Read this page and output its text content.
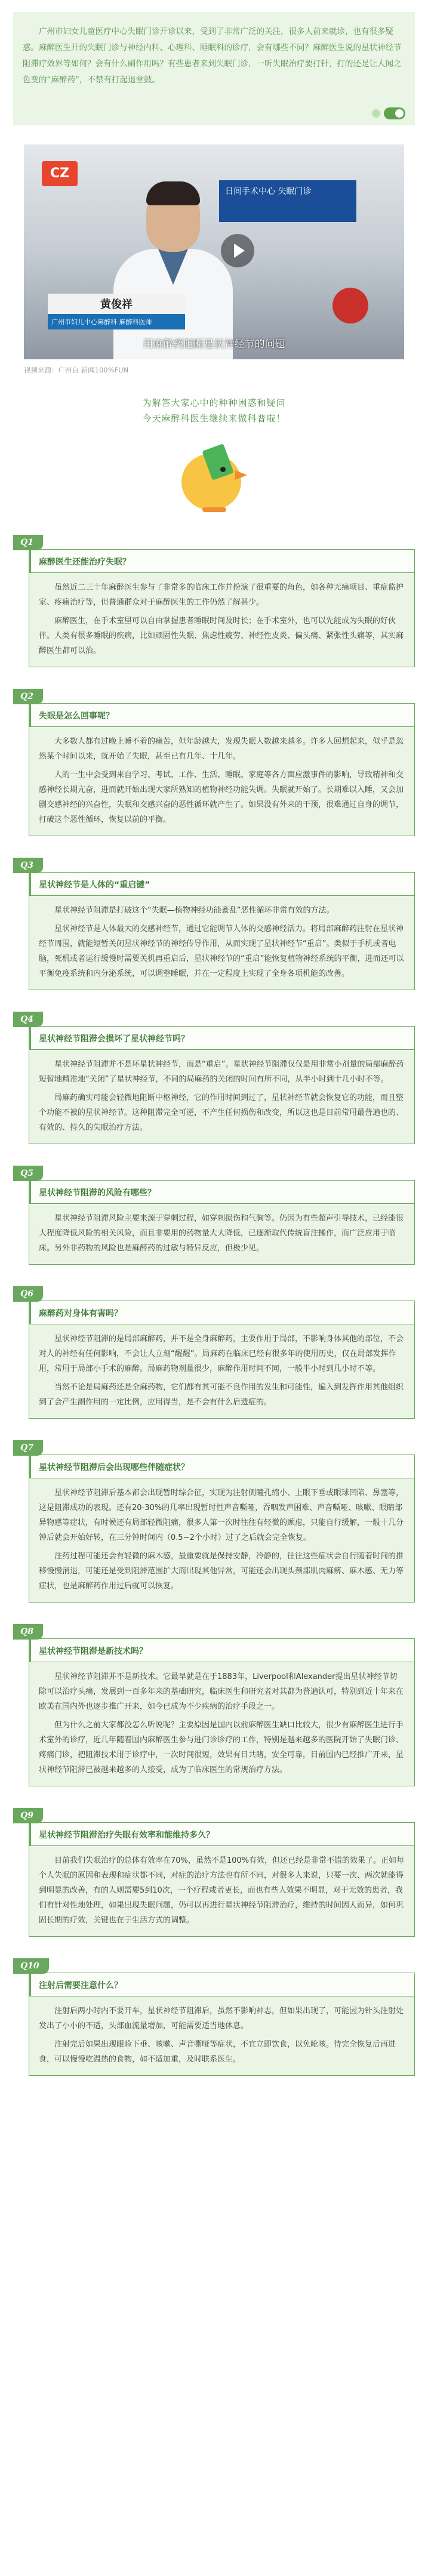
广州市妇女儿童医疗中心失眠门诊开诊以来，受到了非常广泛的关注，很多人前来就诊，也有很多疑惑。麻醉医生开的失眠门诊与神经内科、心理科、睡眠科的诊疗，会有哪些不同？麻醉医生说的星状神经节阻滞疗效界等如何？会有什么副作用吗？有些患者来到失眠门诊，一听失眠治疗要打针，打的还是让人闻之色变的“麻醉药”，不禁有打起退堂鼓。

日间手术中心 失眠门诊
CZ
黄俊祥
广州市妇儿中心麻醉科 麻醉科医师
用麻醉药阻断星状神经节的问题
视频来源：广州台 新闻100%FUN
为解答大家心中的种种困惑和疑问
今天麻醉科医生继续来做科普啦！
Q1
麻醉医生还能治疗失眠？

虽然近二三十年麻醉医生参与了非常多的临床工作并扮演了很重要的角色，如各种无痛项目、重症监护室、疼痛治疗等，但普通群众对于麻醉医生的工作仍然了解甚少。

麻醉医生，在手术室里可以自由掌握患者睡眠时间及时长；在手术室外，也可以先能成为失眠的好伙伴。人类有很多睡眠的疾病，比如顽固性失眠、焦虑性疲劳、神经性皮炎、偏头痛、紧张性头痛等，其实麻醉医生都可以治。

Q2
失眠是怎么回事呢？

大多数人都有过晚上睡不着的痛苦，但年龄越大，发现失眠人数越来越多。许多人回想起来，似乎是忽然某个时间以来，就开始了失眠，甚至已有几年、十几年。

人的一生中会受到来自学习、考试、工作、生活、睡眠、家庭等各方面应激事件的影响，导致精神和交感神经长期亢奋，进而就开始出现大家所熟知的植物神经功能失调。失眠就开始了。长期难以入睡，又会加剧交感神经的兴奋性，失眠和交感兴奋的恶性循环就产生了。如果没有外来的干预，很难通过自身的调节，打破这个恶性循环，恢复以前的平衡。

Q3
星状神经节是人体的“重启键”

星状神经节阻滞是打破这个“失眠—植物神经功能紊乱”恶性循环非常有效的方法。

星状神经节是人体最大的交感神经节，通过它能调节人体的交感神经活力。将局部麻醉药注射在星状神经节周围，就能短暂关闭星状神经节的神经传导作用，从而实现了星状神经节“重启”。类似于手机或者电脑，死机或者运行缓慢时需要关机再重启后，星状神经节的“重启”能恢复植物神经系统的平衡，进而还可以平衡免疫系统和内分泌系统，可以调整睡眠，并在一定程度上实现了全身各项机能的改善。

Q4
星状神经节阻滞会损坏了星状神经节吗？

星状神经节阻滞并不是坏星状神经节，而是“重启”。星状神经节阻滞仅仅是用非常小剂量的局部麻醉药短暂地精准地“关闭”了星状神经节，不同的局麻药的关闭的时间有所不同，从半小时到十几小时不等。

局麻药确实可能会轻微地阻断中枢神经，它的作用时间到过了，星状神经节就会恢复它的功能，而且整个功能不被的星状神经节。这种阻滞完全可逆，不产生任何损伤和改变，所以这也是目前常用最普遍也的、有效的、持久的失眠治疗方法。

Q5
星状神经节阻滞的风险有哪些？

星状神经节阻滞风险主要来源于穿刺过程，如穿刺损伤和气胸等。仍因为有些超声引导技术，已经能很大程度降低风险的相关风险，而且非要用的药物量大大降低，已逐渐取代传统盲注操作，而广泛应用于临床。另外非药物的风险也是麻醉药的过敏与特异反应，但极少见。

Q6
麻醉药对身体有害吗？

星状神经节阻滞的是局部麻醉药，并不是全身麻醉药，主要作用于局部，不影响身体其他的部位，不会对人的神经有任何影响，不会让人立刻“醒醒”。局麻药在临床已经有很多年的使用历史，仅在局部发挥作用，常用于局部小手术的麻醉。局麻药物剂量很少，麻醉作用时间不同，一般半小时到几小时不等。

当然不论是局麻药还是全麻药物，它们都有其可能不良作用的发生和可能性，遍入到发挥作用其他组织到了会产生副作用的一定比例，应用得当，是不会有什么后遗症的。

Q7
星状神经节阻滞后会出现哪些伴随症状？

星状神经节阻滞后基本都会出现暂时综合征，实现为注射侧瞳孔缩小、上眼下垂或眼球凹陷、鼻塞等，这是阻滞成功的表现。还有20-30%的几率出现暂时性声音嘶哑，吞咽发声困难、声音嘶哑、咳嗽、眼睛部异物感等症状，有时候还有局部轻微阻痛，很多人第一次时往往有轻微的顾虑，只能自行缓解，一般十几分钟后就会开始好转，在三分钟时间内（0.5~2个小时）过了之后就会完全恢复。

注药过程可能还会有轻微的麻木感，最重要就是保持安静，冷静的，往往这些症状会自行随着时间的推移慢慢消退，可能还是受到阻滞范围扩大而出现其他异常，可能还会出现头颈部肌肉麻痹、麻木感、无力等症状，也是麻醉药作用过后就可以恢复。

Q8
星状神经节阻滞是新技术吗？

星状神经节阻滞并不是新技术。它最早就是在于1883年，Liverpool和Alexander提出星状神经节切除可以治疗头痛，发展到一百多年来的基础研究，临床医生和研究者对其都为普遍认可，特别到近十年来在欧美在国内外也逐步推广开来，如今已成为不少疾病的治疗手段之一。

但为什么之前大家都没怎么听说呢？主要原因是国内以前麻醉医生缺口比较大，很少有麻醉医生进行手术室外的诊疗，近几年随着国内麻醉医生参与进门诊诊疗的工作，特别是越来越多的医院开始了失眠门诊、疼痛门诊，把阻滞技术用于诊疗中，一次时间很短，效果有目共睹，安全可靠，目前国内已经推广开来，星状神经节阻滞已被越来越多的人接受，成为了临床医生的常规治疗方法。

Q9
星状神经节阻滞治疗失眠有效率和能维持多久？

目前我们失眠治疗的总体有效率在70%，虽然不是100%有效，但还已经是非常不错的效果了。正如每个人失眠的原因和表现和症状都不同，对症的治疗方法也有所不同，对很多人来说，只要一次、两次就能得到明显的改善，有的人则需要5到10次，一个疗程或者更长，而也有些人效果不明显，对于无效的患者，我们有针对性地处理，如果出现失眠问题，仍可以再进行星状神经节阻滞治疗，维持的时间因人而异，如何巩固长期的疗效，关键也在于生活方式的调整。

Q10
注射后需要注意什么？

注射后两小时内不要开车，星状神经节阻滞后，虽然不影响神志，但如果出现了，可能因为针头注射处发出了小小的不适，头部血流量增加，可能需要适当地休息。

注射完后如果出现眼睑下垂、咳嗽、声音嘶哑等症状，不宜立即饮食，以免呛咳。待完全恢复后再进食，可以慢慢吃温热的食物，如不适加重，及时联系医生。
